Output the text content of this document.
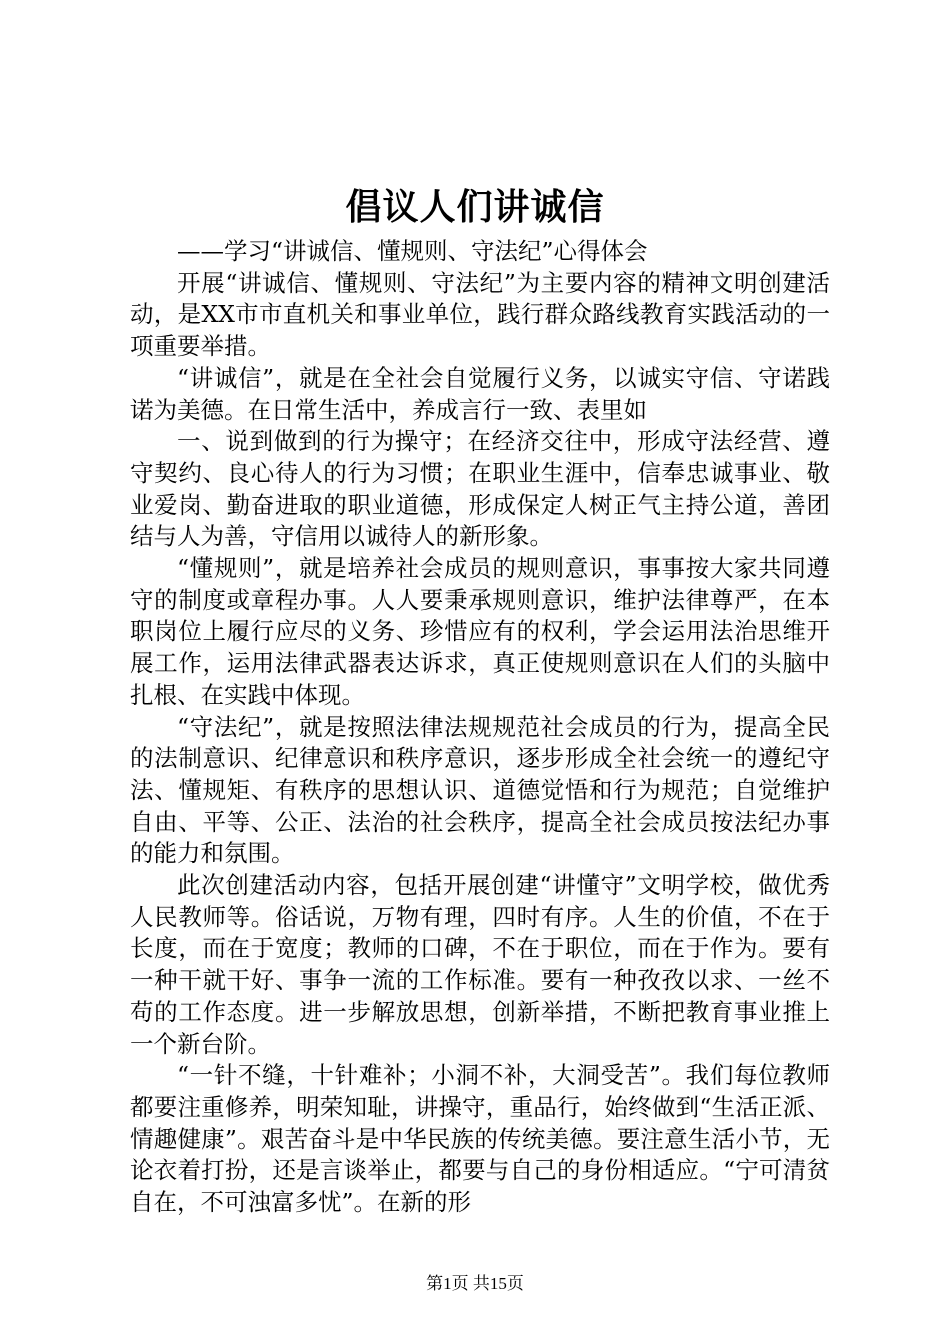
倡议人们讲诚信

——学习“讲诚信、懂规则、守法纪”心得体会

开展“讲诚信、懂规则、守法纪”为主要内容的精神文明创建活动，是XX市市直机关和事业单位，践行群众路线教育实践活动的一项重要举措。

“讲诚信”，就是在全社会自觉履行义务，以诚实守信、守诺践诺为美德。在日常生活中，养成言行一致、表里如

一、说到做到的行为操守；在经济交往中，形成守法经营、遵守契约、良心待人的行为习惯；在职业生涯中，信奉忠诚事业、敬业爱岗、勤奋进取的职业道德，形成保定人树正气主持公道，善团结与人为善，守信用以诚待人的新形象。

“懂规则”，就是培养社会成员的规则意识，事事按大家共同遵守的制度或章程办事。人人要秉承规则意识，维护法律尊严，在本职岗位上履行应尽的义务、珍惜应有的权利，学会运用法治思维开展工作，运用法律武器表达诉求，真正使规则意识在人们的头脑中扎根、在实践中体现。

“守法纪”，就是按照法律法规规范社会成员的行为，提高全民的法制意识、纪律意识和秩序意识，逐步形成全社会统一的遵纪守法、懂规矩、有秩序的思想认识、道德觉悟和行为规范；自觉维护自由、平等、公正、法治的社会秩序，提高全社会成员按法纪办事的能力和氛围。

此次创建活动内容，包括开展创建“讲懂守”文明学校，做优秀人民教师等。俗话说，万物有理，四时有序。人生的价值，不在于长度，而在于宽度；教师的口碑，不在于职位，而在于作为。要有一种干就干好、事争一流的工作标准。要有一种孜孜以求、一丝不苟的工作态度。进一步解放思想，创新举措，不断把教育事业推上一个新台阶。

“一针不缝，十针难补；小洞不补，大洞受苦”。我们每位教师都要注重修养，明荣知耻，讲操守，重品行，始终做到“生活正派、情趣健康”。艰苦奋斗是中华民族的传统美德。要注意生活小节，无论衣着打扮，还是言谈举止，都要与自己的身份相适应。“宁可清贫自在，不可浊富多忧”。在新的形

第1页 共15页
